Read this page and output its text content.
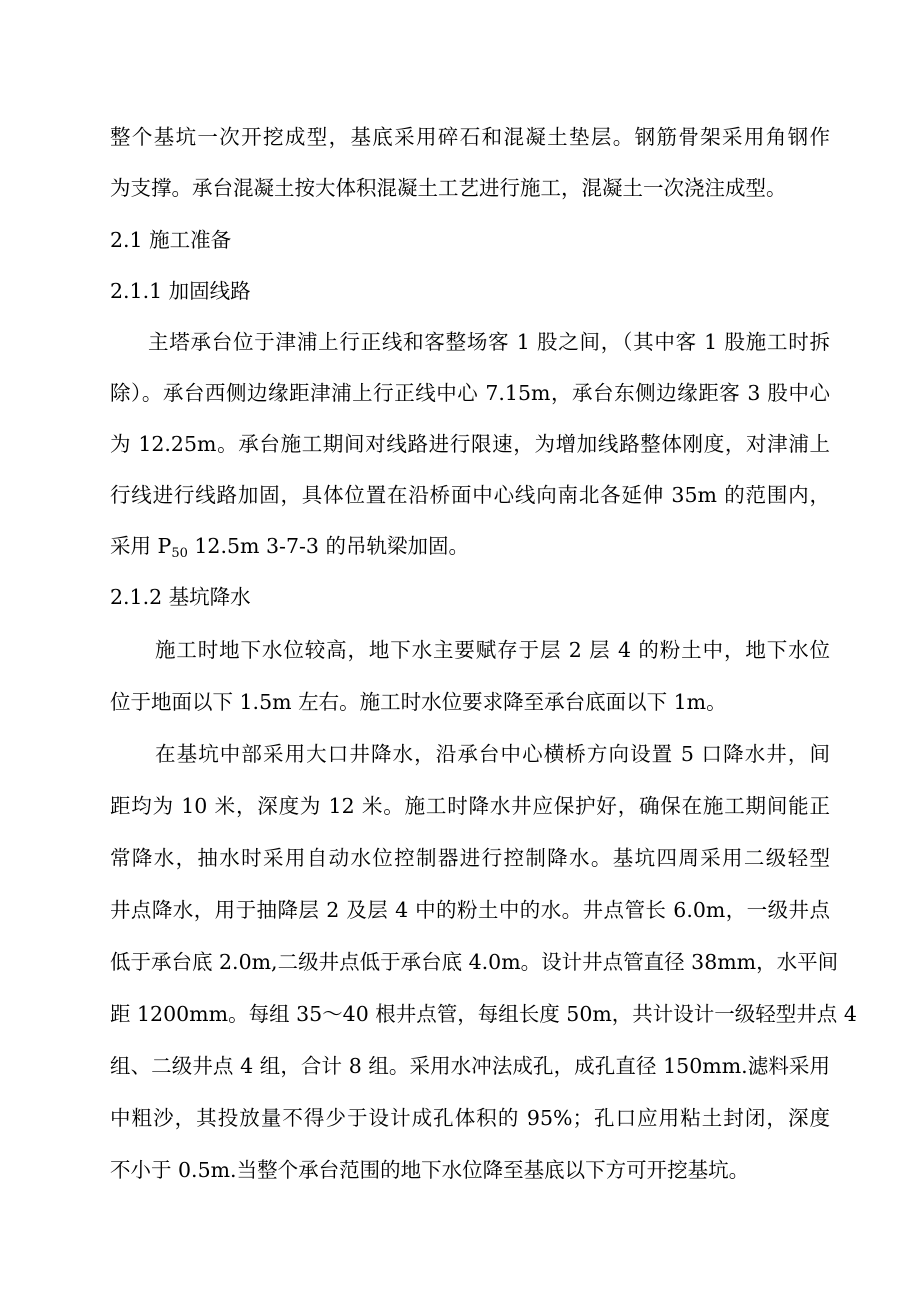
整个基坑一次开挖成型，基底采用碎石和混凝土垫层。钢筋骨架采用角钢作
为支撑。承台混凝土按大体积混凝土工艺进行施工，混凝土一次浇注成型。
2.1 施工准备
2.1.1 加固线路
主塔承台位于津浦上行正线和客整场客 1 股之间，（其中客 1 股施工时拆
除）。承台西侧边缘距津浦上行正线中心 7.15m，承台东侧边缘距客 3 股中心
为 12.25m。承台施工期间对线路进行限速，为增加线路整体刚度，对津浦上
行线进行线路加固，具体位置在沿桥面中心线向南北各延伸 35m 的范围内，
采用 $P_{50}$ 12.5m 3-7-3 的吊轨梁加固。
2.1.2 基坑降水
施工时地下水位较高，地下水主要赋存于层 2 层 4 的粉土中，地下水位
位于地面以下 1.5m 左右。施工时水位要求降至承台底面以下 1m。
在基坑中部采用大口井降水，沿承台中心横桥方向设置 5 口降水井，间
距均为 10 米，深度为 12 米。施工时降水井应保护好，确保在施工期间能正
常降水，抽水时采用自动水位控制器进行控制降水。基坑四周采用二级轻型
井点降水，用于抽降层 2 及层 4 中的粉土中的水。井点管长 6.0m，一级井点
低于承台底 2.0m,二级井点低于承台底 4.0m。设计井点管直径 38mm，水平间
距 1200mm。每组 35～40 根井点管，每组长度 50m，共计设计一级轻型井点 4
组、二级井点 4 组，合计 8 组。采用水冲法成孔，成孔直径 150mm.滤料采用
中粗沙，其投放量不得少于设计成孔体积的 95%；孔口应用粘土封闭，深度
不小于 0.5m.当整个承台范围的地下水位降至基底以下方可开挖基坑。
